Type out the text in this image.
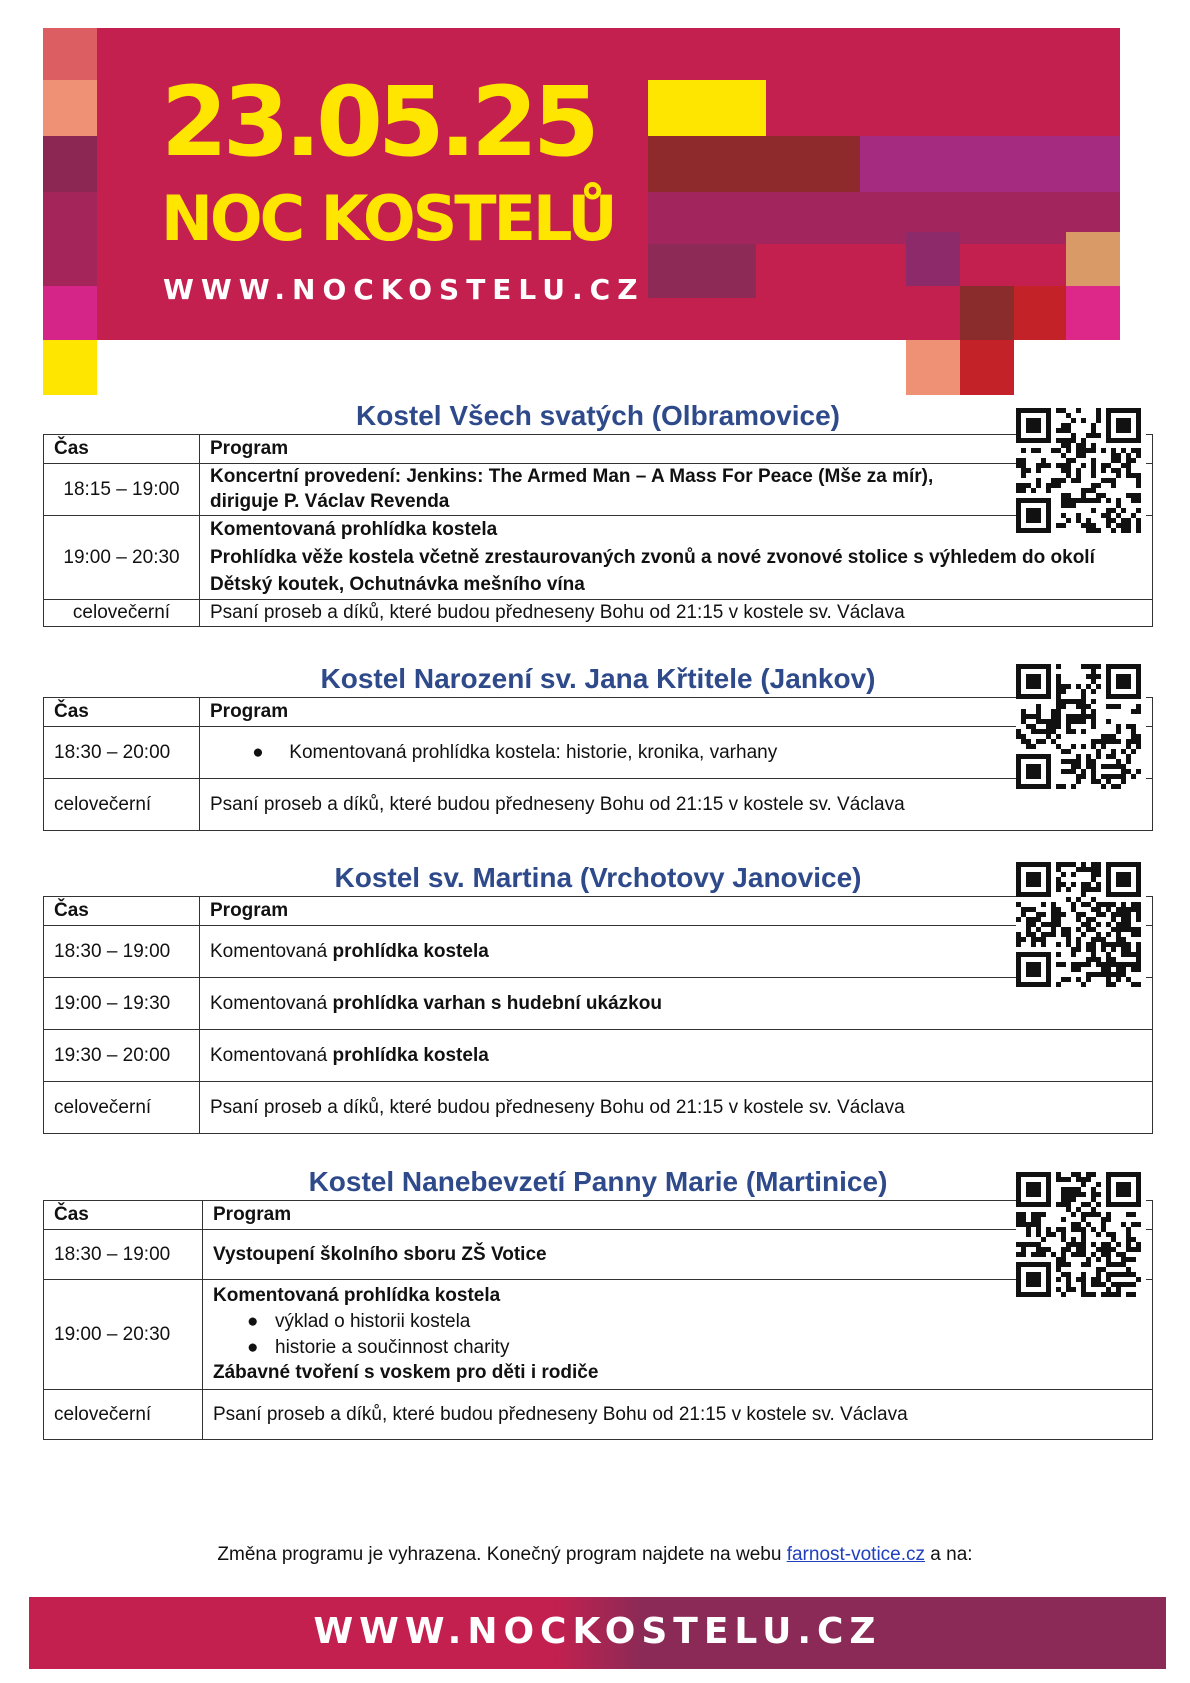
23.05.25
NOC KOSTELŮ
WWW.NOCKOSTELU.CZ
Kostel Všech svatých (Olbramovice)
Čas	Program
18:15 – 19:00	Koncertní provedení: Jenkins: The Armed Man – A Mass For Peace (Mše za mír),
diriguje P. Václav Revenda

19:00 – 20:30	Komentovaná prohlídka kostela
Prohlídka věže kostela včetně zrestaurovaných zvonů a nové zvonové stolice s výhledem do okolí
Dětský koutek, Ochutnávka mešního vína

celovečerní	Psaní proseb a díků, které budou předneseny Bohu od 21:15 v kostele sv. Václava
Kostel Narození sv. Jana Křtitele (Jankov)
Čas	Program
18:30 – 20:00	● Komentovaná prohlídka kostela: historie, kronika, varhany
celovečerní	Psaní proseb a díků, které budou předneseny Bohu od 21:15 v kostele sv. Václava
Kostel sv. Martina (Vrchotovy Janovice)
Čas	Program
18:30 – 19:00	Komentovaná prohlídka kostela
19:00 – 19:30	Komentovaná prohlídka varhan s hudební ukázkou
19:30 – 20:00	Komentovaná prohlídka kostela
celovečerní	Psaní proseb a díků, které budou předneseny Bohu od 21:15 v kostele sv. Václava
Kostel Nanebevzetí Panny Marie (Martinice)
Čas	Program
18:30 – 19:00	Vystoupení školního sboru ZŠ Votice
19:00 – 20:30	Komentovaná prohlídka kostela
● výklad o historii kostela
● historie a součinnost charity
Zábavné tvoření s voskem pro děti i rodiče

celovečerní	Psaní proseb a díků, které budou předneseny Bohu od 21:15 v kostele sv. Václava
Změna programu je vyhrazena. Konečný program najdete na webu farnost-votice.cz a na:
WWW.NOCKOSTELU.CZ
